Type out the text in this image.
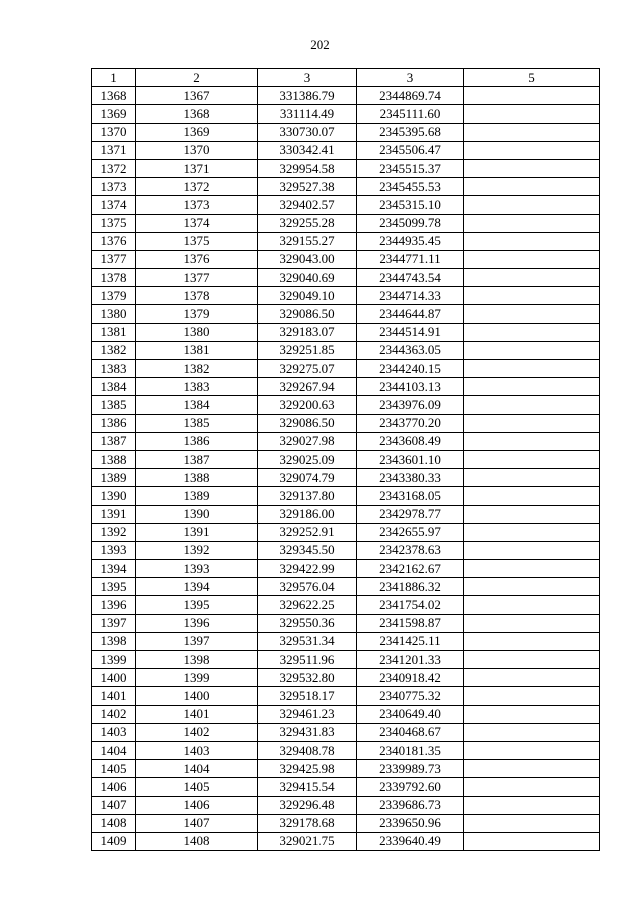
202
1	2	3	3	5
1368	1367	331386.79	2344869.74	
1369	1368	331114.49	2345111.60	
1370	1369	330730.07	2345395.68	
1371	1370	330342.41	2345506.47	
1372	1371	329954.58	2345515.37	
1373	1372	329527.38	2345455.53	
1374	1373	329402.57	2345315.10	
1375	1374	329255.28	2345099.78	
1376	1375	329155.27	2344935.45	
1377	1376	329043.00	2344771.11	
1378	1377	329040.69	2344743.54	
1379	1378	329049.10	2344714.33	
1380	1379	329086.50	2344644.87	
1381	1380	329183.07	2344514.91	
1382	1381	329251.85	2344363.05	
1383	1382	329275.07	2344240.15	
1384	1383	329267.94	2344103.13	
1385	1384	329200.63	2343976.09	
1386	1385	329086.50	2343770.20	
1387	1386	329027.98	2343608.49	
1388	1387	329025.09	2343601.10	
1389	1388	329074.79	2343380.33	
1390	1389	329137.80	2343168.05	
1391	1390	329186.00	2342978.77	
1392	1391	329252.91	2342655.97	
1393	1392	329345.50	2342378.63	
1394	1393	329422.99	2342162.67	
1395	1394	329576.04	2341886.32	
1396	1395	329622.25	2341754.02	
1397	1396	329550.36	2341598.87	
1398	1397	329531.34	2341425.11	
1399	1398	329511.96	2341201.33	
1400	1399	329532.80	2340918.42	
1401	1400	329518.17	2340775.32	
1402	1401	329461.23	2340649.40	
1403	1402	329431.83	2340468.67	
1404	1403	329408.78	2340181.35	
1405	1404	329425.98	2339989.73	
1406	1405	329415.54	2339792.60	
1407	1406	329296.48	2339686.73	
1408	1407	329178.68	2339650.96	
1409	1408	329021.75	2339640.49	
